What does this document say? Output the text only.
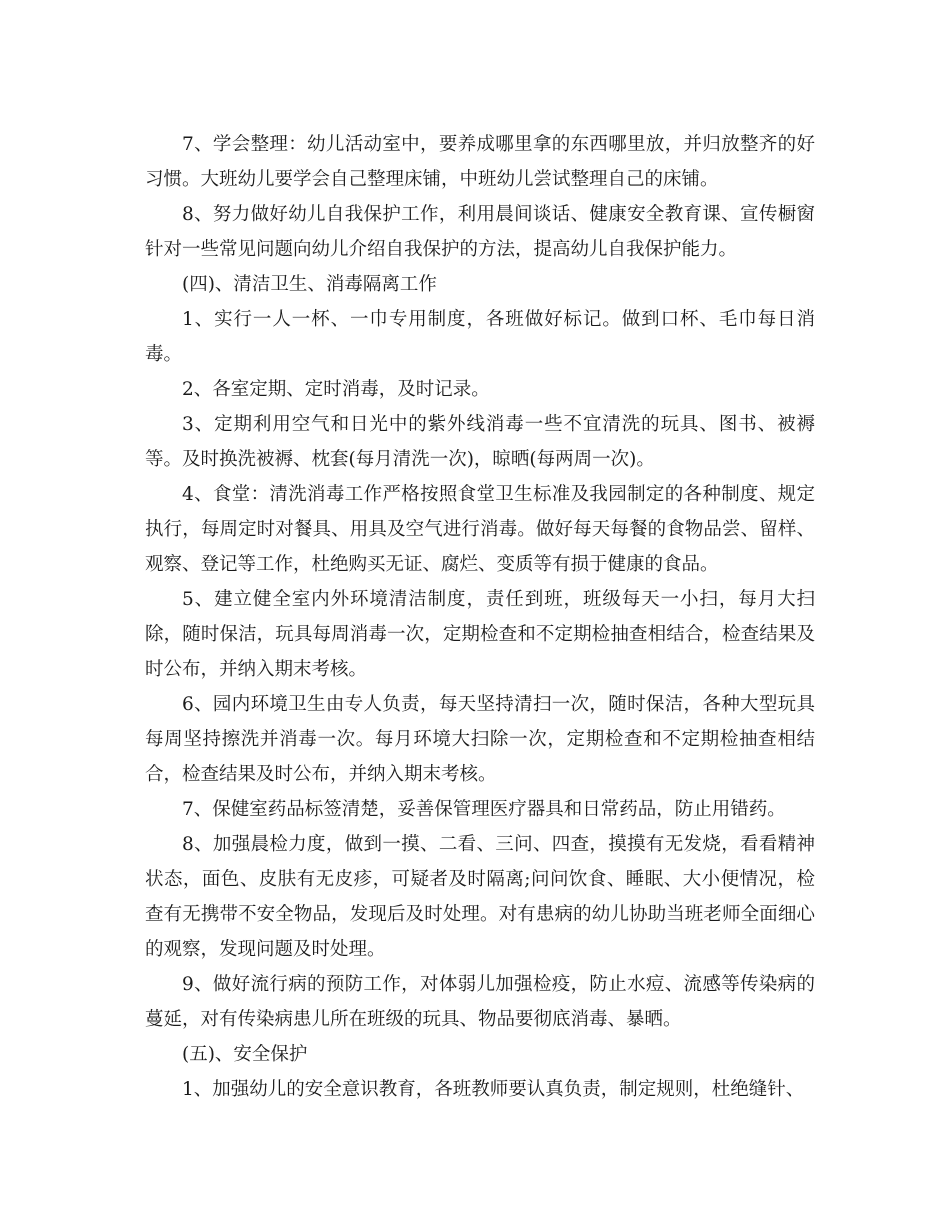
7、学会整理：幼儿活动室中，要养成哪里拿的东西哪里放，并归放整齐的好习惯。大班幼儿要学会自己整理床铺，中班幼儿尝试整理自己的床铺。

8、努力做好幼儿自我保护工作，利用晨间谈话、健康安全教育课、宣传橱窗针对一些常见问题向幼儿介绍自我保护的方法，提高幼儿自我保护能力。

(四)、清洁卫生、消毒隔离工作

1、实行一人一杯、一巾专用制度，各班做好标记。做到口杯、毛巾每日消毒。

2、各室定期、定时消毒，及时记录。

3、定期利用空气和日光中的紫外线消毒一些不宜清洗的玩具、图书、被褥等。及时换洗被褥、枕套(每月清洗一次)，晾晒(每两周一次)。

4、食堂：清洗消毒工作严格按照食堂卫生标准及我园制定的各种制度、规定执行，每周定时对餐具、用具及空气进行消毒。做好每天每餐的食物品尝、留样、观察、登记等工作，杜绝购买无证、腐烂、变质等有损于健康的食品。

5、建立健全室内外环境清洁制度，责任到班，班级每天一小扫，每月大扫除，随时保洁，玩具每周消毒一次，定期检查和不定期检抽查相结合，检查结果及时公布，并纳入期末考核。

6、园内环境卫生由专人负责，每天坚持清扫一次，随时保洁，各种大型玩具每周坚持擦洗并消毒一次。每月环境大扫除一次，定期检查和不定期检抽查相结合，检查结果及时公布，并纳入期末考核。

7、保健室药品标签清楚，妥善保管理医疗器具和日常药品，防止用错药。

8、加强晨检力度，做到一摸、二看、三问、四查，摸摸有无发烧，看看精神状态，面色、皮肤有无皮疹，可疑者及时隔离;问问饮食、睡眠、大小便情况，检查有无携带不安全物品，发现后及时处理。对有患病的幼儿协助当班老师全面细心的观察，发现问题及时处理。

9、做好流行病的预防工作，对体弱儿加强检疫，防止水痘、流感等传染病的蔓延，对有传染病患儿所在班级的玩具、物品要彻底消毒、暴晒。

(五)、安全保护

1、加强幼儿的安全意识教育，各班教师要认真负责，制定规则，杜绝缝针、
